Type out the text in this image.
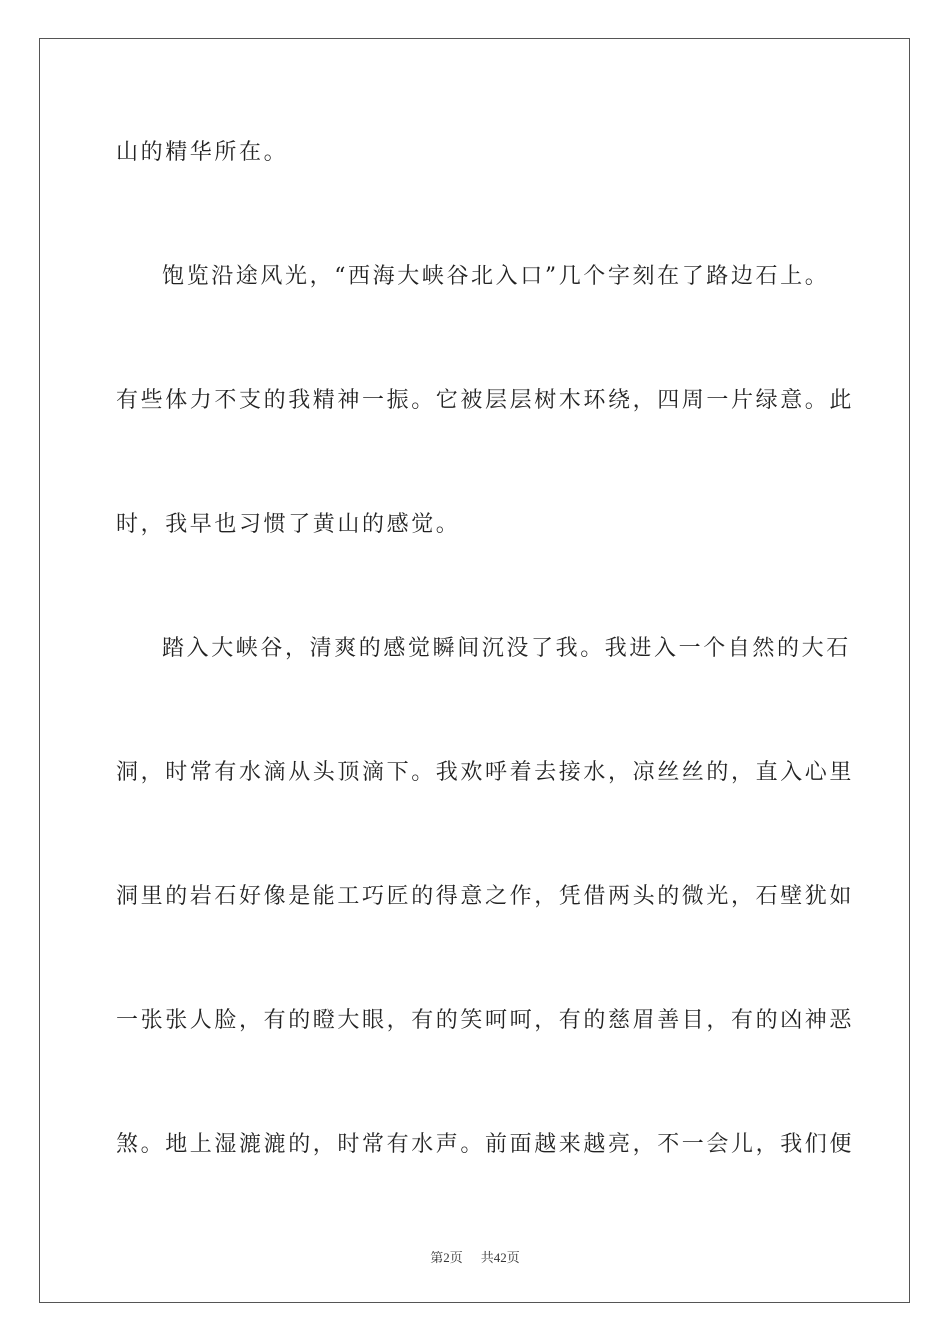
山的精华所在。
饱览沿途风光，“西海大峡谷北入口”几个字刻在了路边石上。
有些体力不支的我精神一振。它被层层树木环绕，四周一片绿意。此
时，我早也习惯了黄山的感觉。
踏入大峡谷，清爽的感觉瞬间沉没了我。我进入一个自然的大石
洞，时常有水滴从头顶滴下。我欢呼着去接水，凉丝丝的，直入心里
洞里的岩石好像是能工巧匠的得意之作，凭借两头的微光，石壁犹如
一张张人脸，有的瞪大眼，有的笑呵呵，有的慈眉善目，有的凶神恶
煞。地上湿漉漉的，时常有水声。前面越来越亮，不一会儿，我们便
第2页 共42页
